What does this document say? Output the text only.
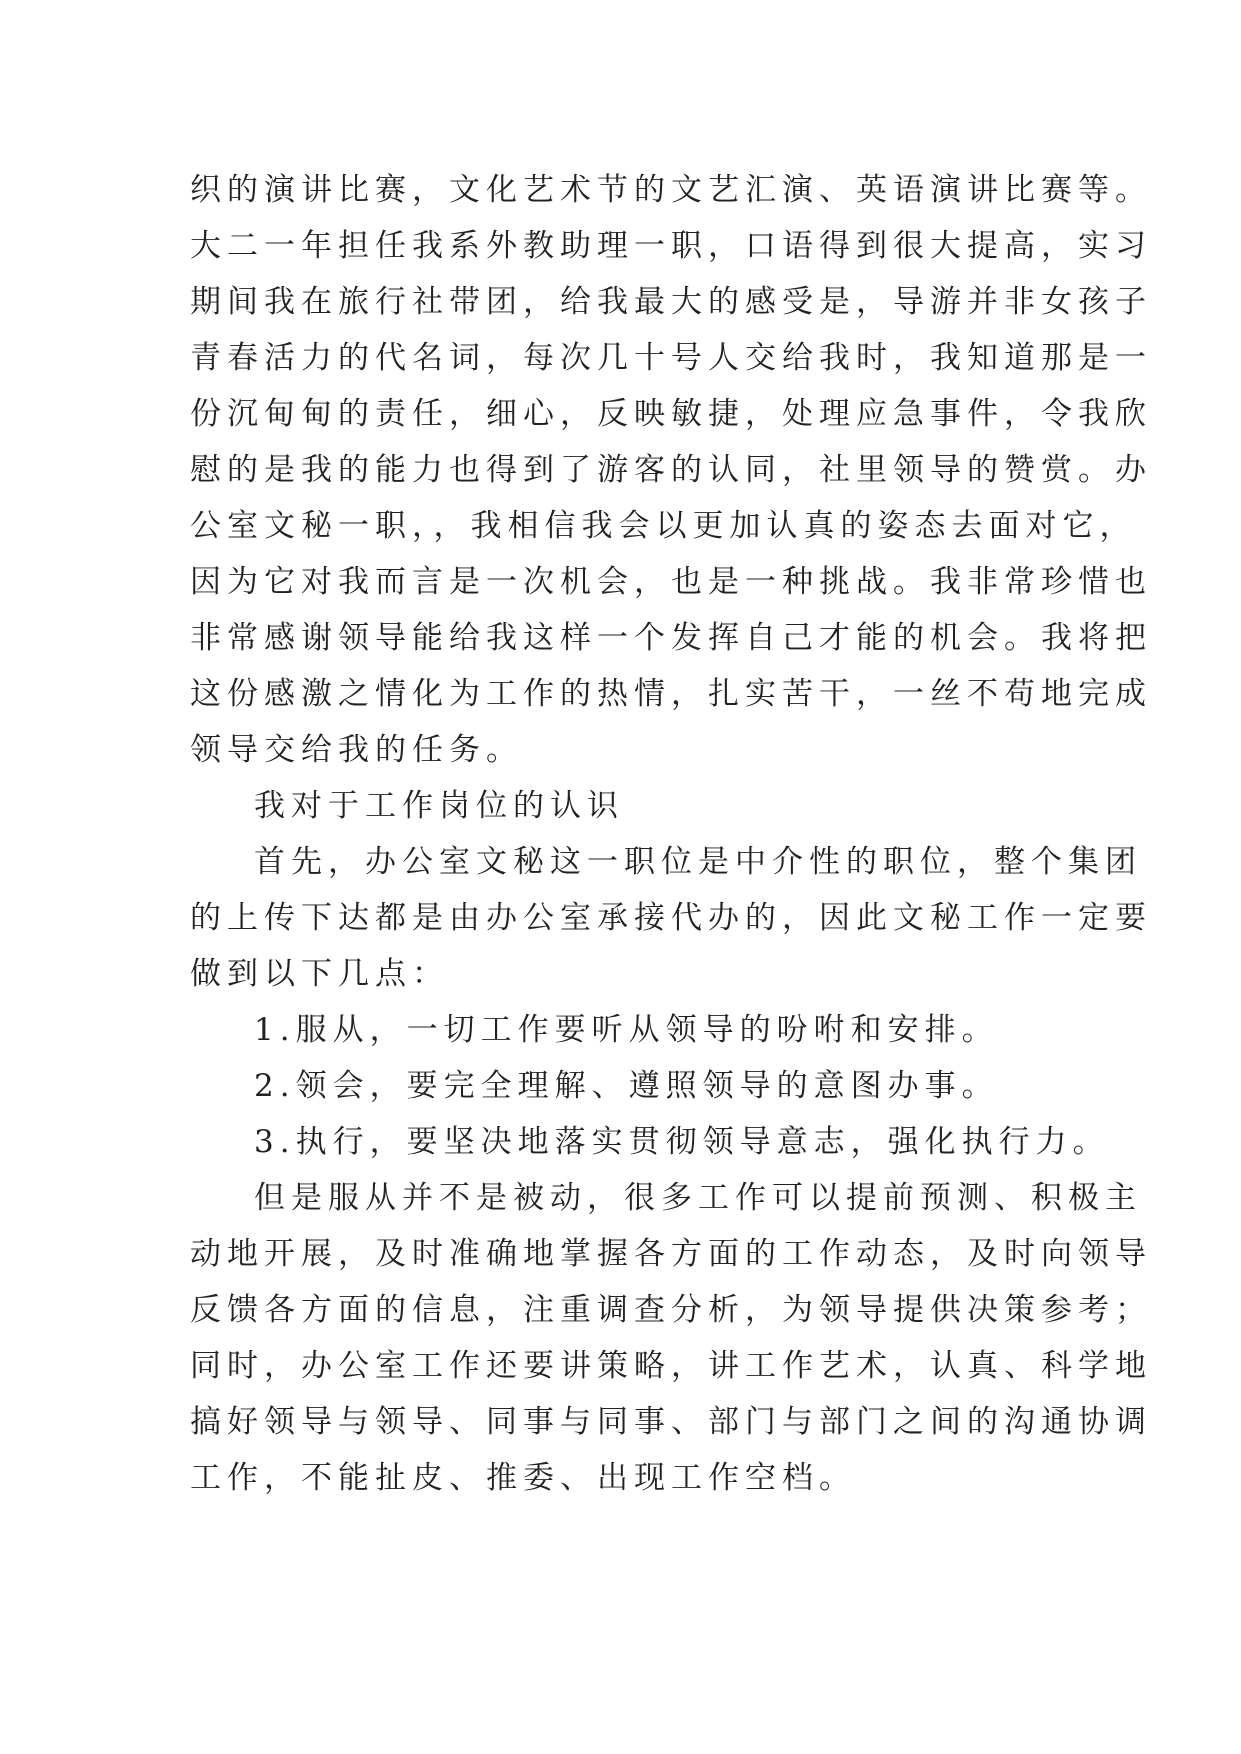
织的演讲比赛，文化艺术节的文艺汇演、英语演讲比赛等。
大二一年担任我系外教助理一职，口语得到很大提高，实习
期间我在旅行社带团，给我最大的感受是，导游并非女孩子
青春活力的代名词，每次几十号人交给我时，我知道那是一
份沉甸甸的责任，细心，反映敏捷，处理应急事件，令我欣
慰的是我的能力也得到了游客的认同，社里领导的赞赏。办
公室文秘一职，，我相信我会以更加认真的姿态去面对它，
因为它对我而言是一次机会，也是一种挑战。我非常珍惜也
非常感谢领导能给我这样一个发挥自己才能的机会。我将把
这份感激之情化为工作的热情，扎实苦干，一丝不苟地完成
领导交给我的任务。
我对于工作岗位的认识
首先，办公室文秘这一职位是中介性的职位，整个集团
的上传下达都是由办公室承接代办的，因此文秘工作一定要
做到以下几点：
1.服从，一切工作要听从领导的吩咐和安排。
2.领会，要完全理解、遵照领导的意图办事。
3.执行，要坚决地落实贯彻领导意志，强化执行力。
但是服从并不是被动，很多工作可以提前预测、积极主
动地开展，及时准确地掌握各方面的工作动态，及时向领导
反馈各方面的信息，注重调查分析，为领导提供决策参考；
同时，办公室工作还要讲策略，讲工作艺术，认真、科学地
搞好领导与领导、同事与同事、部门与部门之间的沟通协调
工作，不能扯皮、推委、出现工作空档。
